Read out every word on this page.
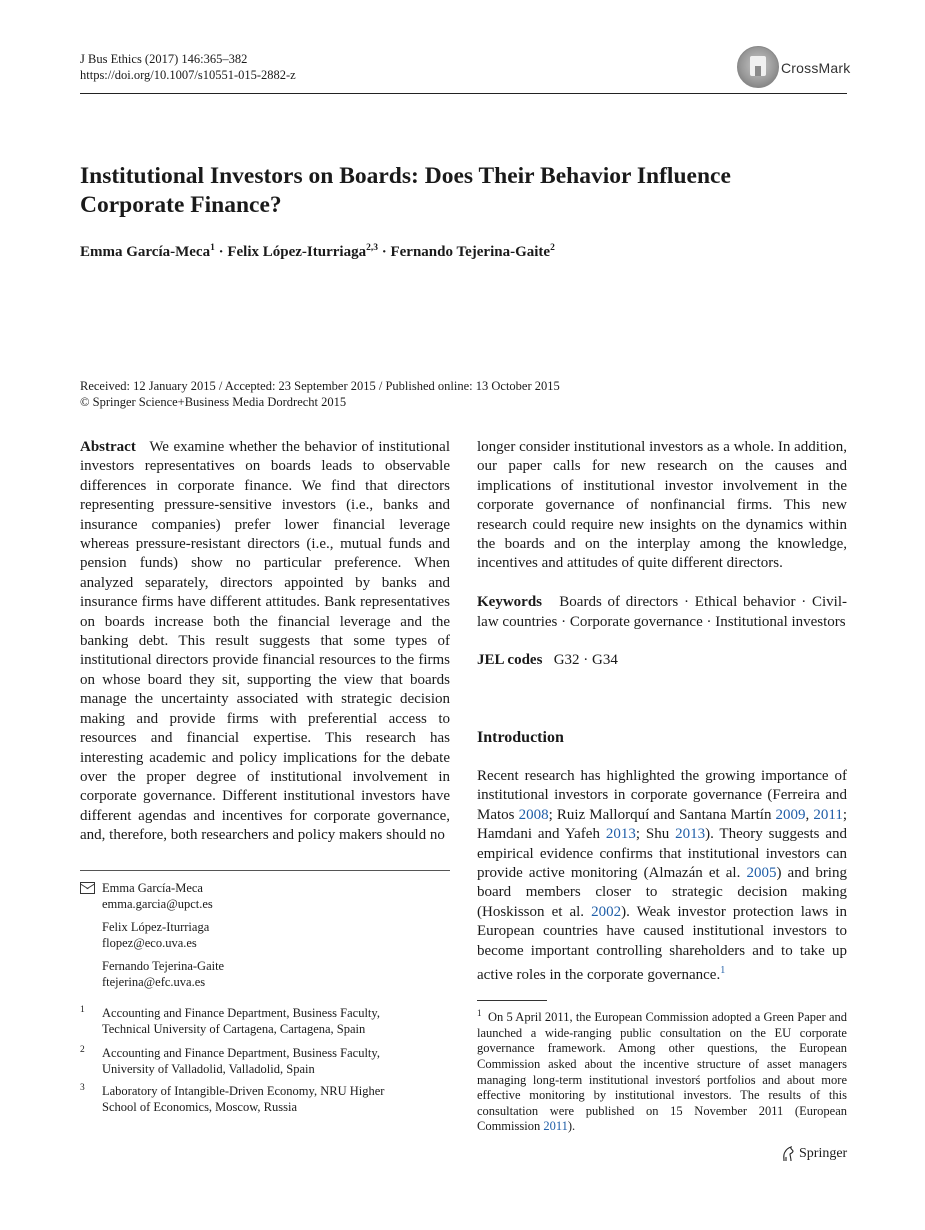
J Bus Ethics (2017) 146:365–382
https://doi.org/10.1007/s10551-015-2882-z	CrossMark
Institutional Investors on Boards: Does Their Behavior Influence
Corporate Finance?
Emma García-Meca$^1$ · Felix López-Iturriaga$^{2,3}$ · Fernando Tejerina-Gaite$^2$
Received: 12 January 2015 / Accepted: 23 September 2015 / Published online: 13 October 2015
© Springer Science+Business Media Dordrecht 2015

Abstract We examine whether the behavior of institutional investors representatives on boards leads to observable differences in corporate finance. We find that directors representing pressure-sensitive investors (i.e., banks and insurance companies) prefer lower financial leverage whereas pressure-resistant directors (i.e., mutual funds and pension funds) show no particular preference. When analyzed separately, directors appointed by banks and insurance firms have different attitudes. Bank representatives on boards increase both the financial leverage and the banking debt. This result suggests that some types of institutional directors provide financial resources to the firms on whose board they sit, supporting the view that boards manage the uncertainty associated with strategic decision making and provide firms with preferential access to resources and financial expertise. This research has interesting academic and policy implications for the debate over the proper degree of institutional involvement in corporate governance. Different institutional investors have different agendas and incentives for corporate governance, and, therefore, both researchers and policy makers should no

longer consider institutional investors as a whole. In addition, our paper calls for new research on the causes and implications of institutional investor involvement in the corporate governance of nonfinancial firms. This new research could require new insights on the dynamics within the boards and on the interplay among the knowledge, incentives and attitudes of quite different directors.

Keywords Boards of directors · Ethical behavior · Civil-law countries · Corporate governance · Institutional investors

JEL codes G32 · G34

Introduction

Recent research has highlighted the growing importance of institutional investors in corporate governance (Ferreira and Matos 2008; Ruiz Mallorquí and Santana Martín 2009, 2011; Hamdani and Yafeh 2013; Shu 2013). Theory suggests and empirical evidence confirms that institutional investors can provide active monitoring (Almazán et al. 2005) and bring board members closer to strategic decision making (Hoskisson et al. 2002). Weak investor protection laws in European countries have caused institutional investors to become important controlling shareholders and to take up active roles in the corporate governance.$^1$

Emma García-Meca
emma.garcia@upct.es
Felix López-Iturriaga
flopez@eco.uva.es
Fernando Tejerina-Gaite
ftejerina@efc.uva.es
1 Accounting and Finance Department, Business Faculty,
Technical University of Cartagena, Cartagena, Spain
2 Accounting and Finance Department, Business Faculty,
University of Valladolid, Valladolid, Spain
3 Laboratory of Intangible-Driven Economy, NRU Higher
School of Economics, Moscow, Russia
$^1$ On 5 April 2011, the European Commission adopted a Green Paper and launched a wide-ranging public consultation on the EU corporate governance framework. Among other questions, the European Commission asked about the incentive structure of asset managers managing long-term institutional investorś portfolios and about more effective monitoring by institutional investors. The results of this consultation were published on 15 November 2011 (European Commission 2011).
Springer
